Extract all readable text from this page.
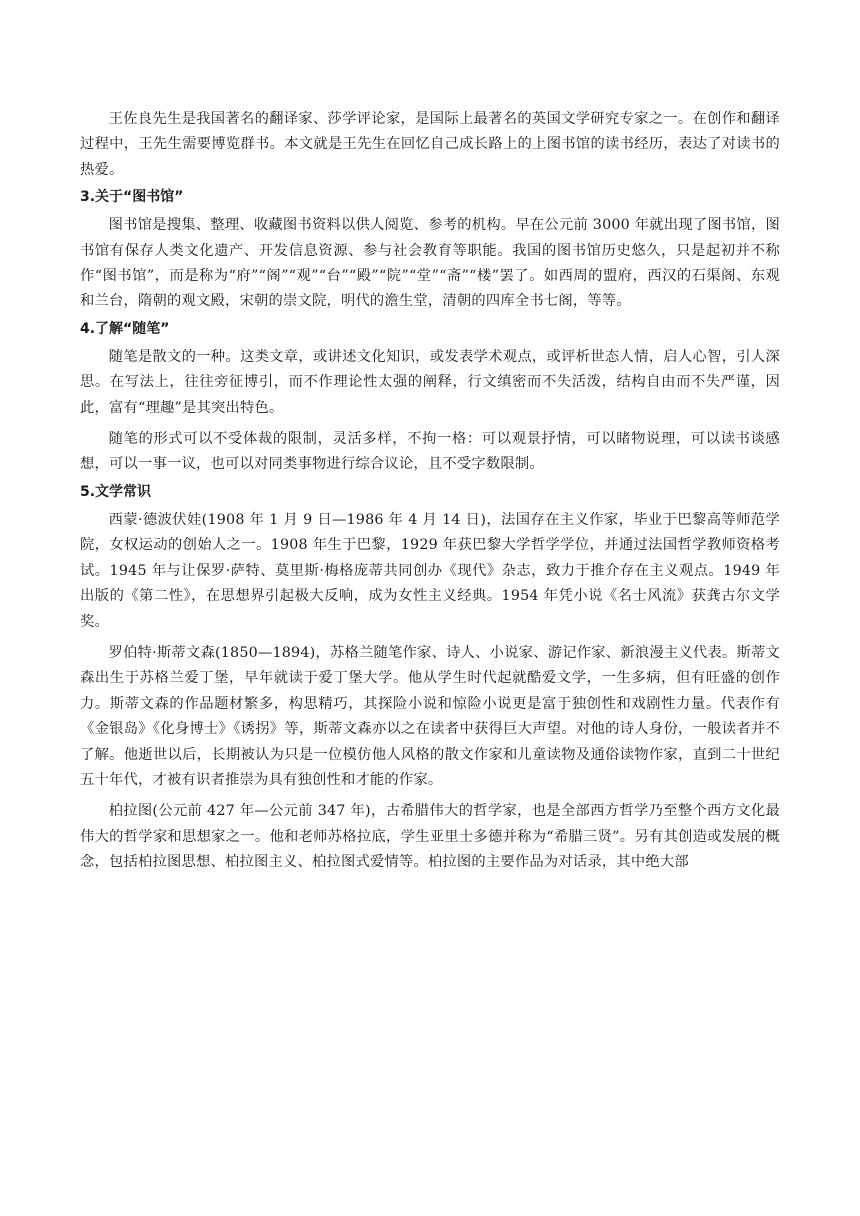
王佐良先生是我国著名的翻译家、莎学评论家，是国际上最著名的英国文学研究专家之一。在创作和翻译过程中，王先生需要博览群书。本文就是王先生在回忆自己成长路上的上图书馆的读书经历，表达了对读书的热爱。

3.关于“图书馆”

图书馆是搜集、整理、收藏图书资料以供人阅览、参考的机构。早在公元前 3000 年就出现了图书馆，图书馆有保存人类文化遗产、开发信息资源、参与社会教育等职能。我国的图书馆历史悠久，只是起初并不称作“图书馆”，而是称为“府”“阁”“观”“台”“殿”“院”“堂”“斋”“楼”罢了。如西周的盟府，西汉的石渠阁、东观和兰台，隋朝的观文殿，宋朝的崇文院，明代的澹生堂，清朝的四库全书七阁，等等。

4.了解“随笔”

随笔是散文的一种。这类文章，或讲述文化知识，或发表学术观点，或评析世态人情，启人心智，引人深思。在写法上，往往旁征博引，而不作理论性太强的阐释，行文缜密而不失活泼，结构自由而不失严谨，因此，富有“理趣”是其突出特色。

随笔的形式可以不受体裁的限制，灵活多样，不拘一格：可以观景抒情，可以睹物说理，可以读书谈感想，可以一事一议，也可以对同类事物进行综合议论，且不受字数限制。

5.文学常识

西蒙·德波伏娃(1908 年 1 月 9 日—1986 年 4 月 14 日)，法国存在主义作家，毕业于巴黎高等师范学院，女权运动的创始人之一。1908 年生于巴黎，1929 年获巴黎大学哲学学位，并通过法国哲学教师资格考试。1945 年与让保罗·萨特、莫里斯·梅格庞蒂共同创办《现代》杂志，致力于推介存在主义观点。1949 年出版的《第二性》，在思想界引起极大反响，成为女性主义经典。1954 年凭小说《名士风流》获龚古尔文学奖。

罗伯特·斯蒂文森(1850—1894)，苏格兰随笔作家、诗人、小说家、游记作家、新浪漫主义代表。斯蒂文森出生于苏格兰爱丁堡，早年就读于爱丁堡大学。他从学生时代起就酷爱文学，一生多病，但有旺盛的创作力。斯蒂文森的作品题材繁多，构思精巧，其探险小说和惊险小说更是富于独创性和戏剧性力量。代表作有《金银岛》《化身博士》《诱拐》等，斯蒂文森亦以之在读者中获得巨大声望。对他的诗人身份，一般读者并不了解。他逝世以后，长期被认为只是一位模仿他人风格的散文作家和儿童读物及通俗读物作家，直到二十世纪五十年代，才被有识者推崇为具有独创性和才能的作家。

柏拉图(公元前 427 年—公元前 347 年)，古希腊伟大的哲学家，也是全部西方哲学乃至整个西方文化最伟大的哲学家和思想家之一。他和老师苏格拉底，学生亚里士多德并称为“希腊三贤”。另有其创造或发展的概念，包括柏拉图思想、柏拉图主义、柏拉图式爱情等。柏拉图的主要作品为对话录，其中绝大部
